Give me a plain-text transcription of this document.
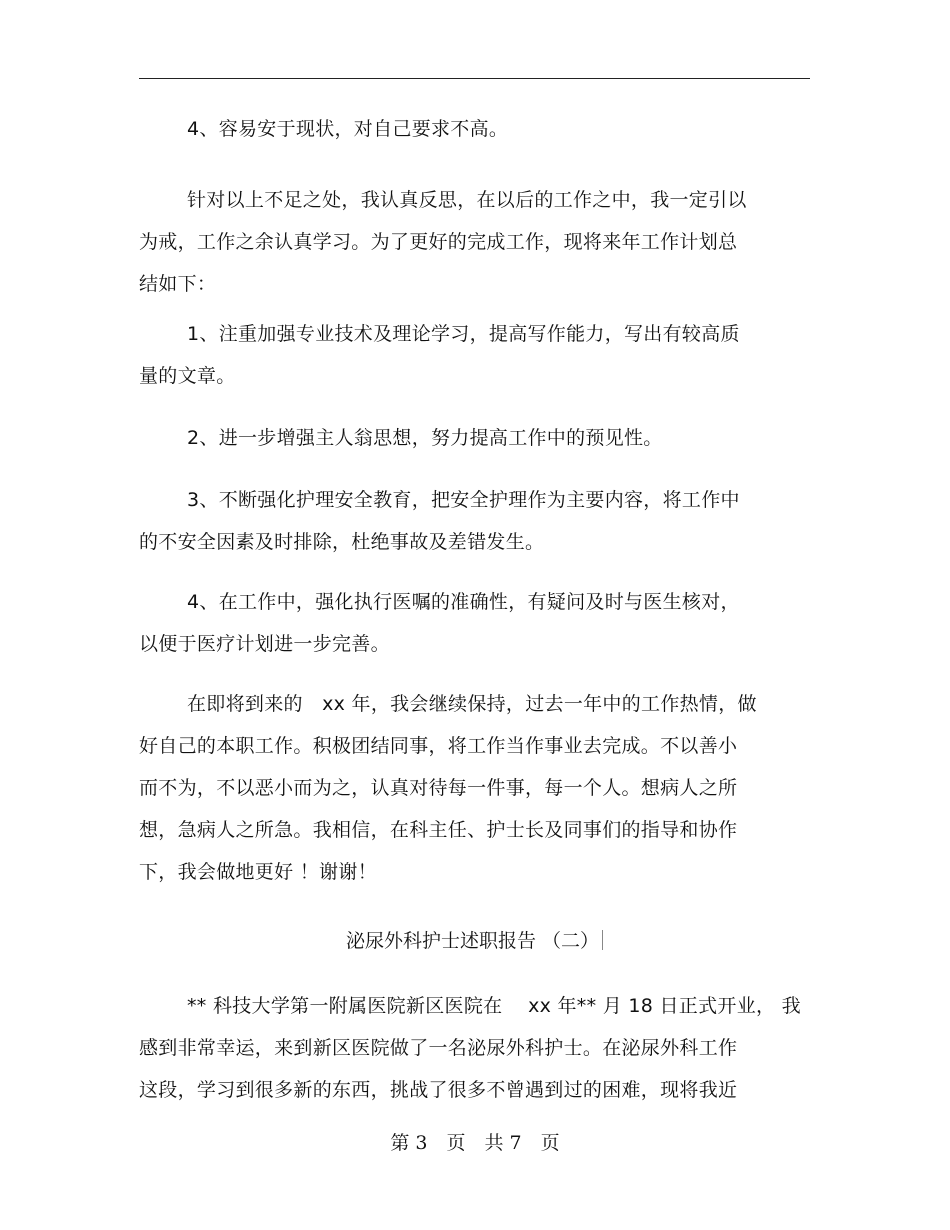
4、容易安于现状，对自己要求不高。

针对以上不足之处，我认真反思，在以后的工作之中，我一定引以
为戒，工作之余认真学习。为了更好的完成工作，现将来年工作计划总
结如下：

1、注重加强专业技术及理论学习，提高写作能力，写出有较高质
量的文章。

2、进一步增强主人翁思想，努力提高工作中的预见性。

3、不断强化护理安全教育，把安全护理作为主要内容，将工作中
的不安全因素及时排除，杜绝事故及差错发生。

4、在工作中，强化执行医嘱的准确性，有疑问及时与医生核对，
以便于医疗计划进一步完善。

在即将到来的　xx 年，我会继续保持，过去一年中的工作热情，做
好自己的本职工作。积极团结同事，将工作当作事业去完成。不以善小
而不为，不以恶小而为之，认真对待每一件事，每一个人。想病人之所
想，急病人之所急。我相信，在科主任、护士长及同事们的指导和协作
下，我会做地更好 ！谢谢！

泌尿外科护士述职报告 （二）

** 科技大学第一附属医院新区医院在　 xx 年** 月 18 日正式开业， 我
感到非常幸运，来到新区医院做了一名泌尿外科护士。在泌尿外科工作
这段，学习到很多新的东西，挑战了很多不曾遇到过的困难，现将我近

第 3　页　共 7　页
